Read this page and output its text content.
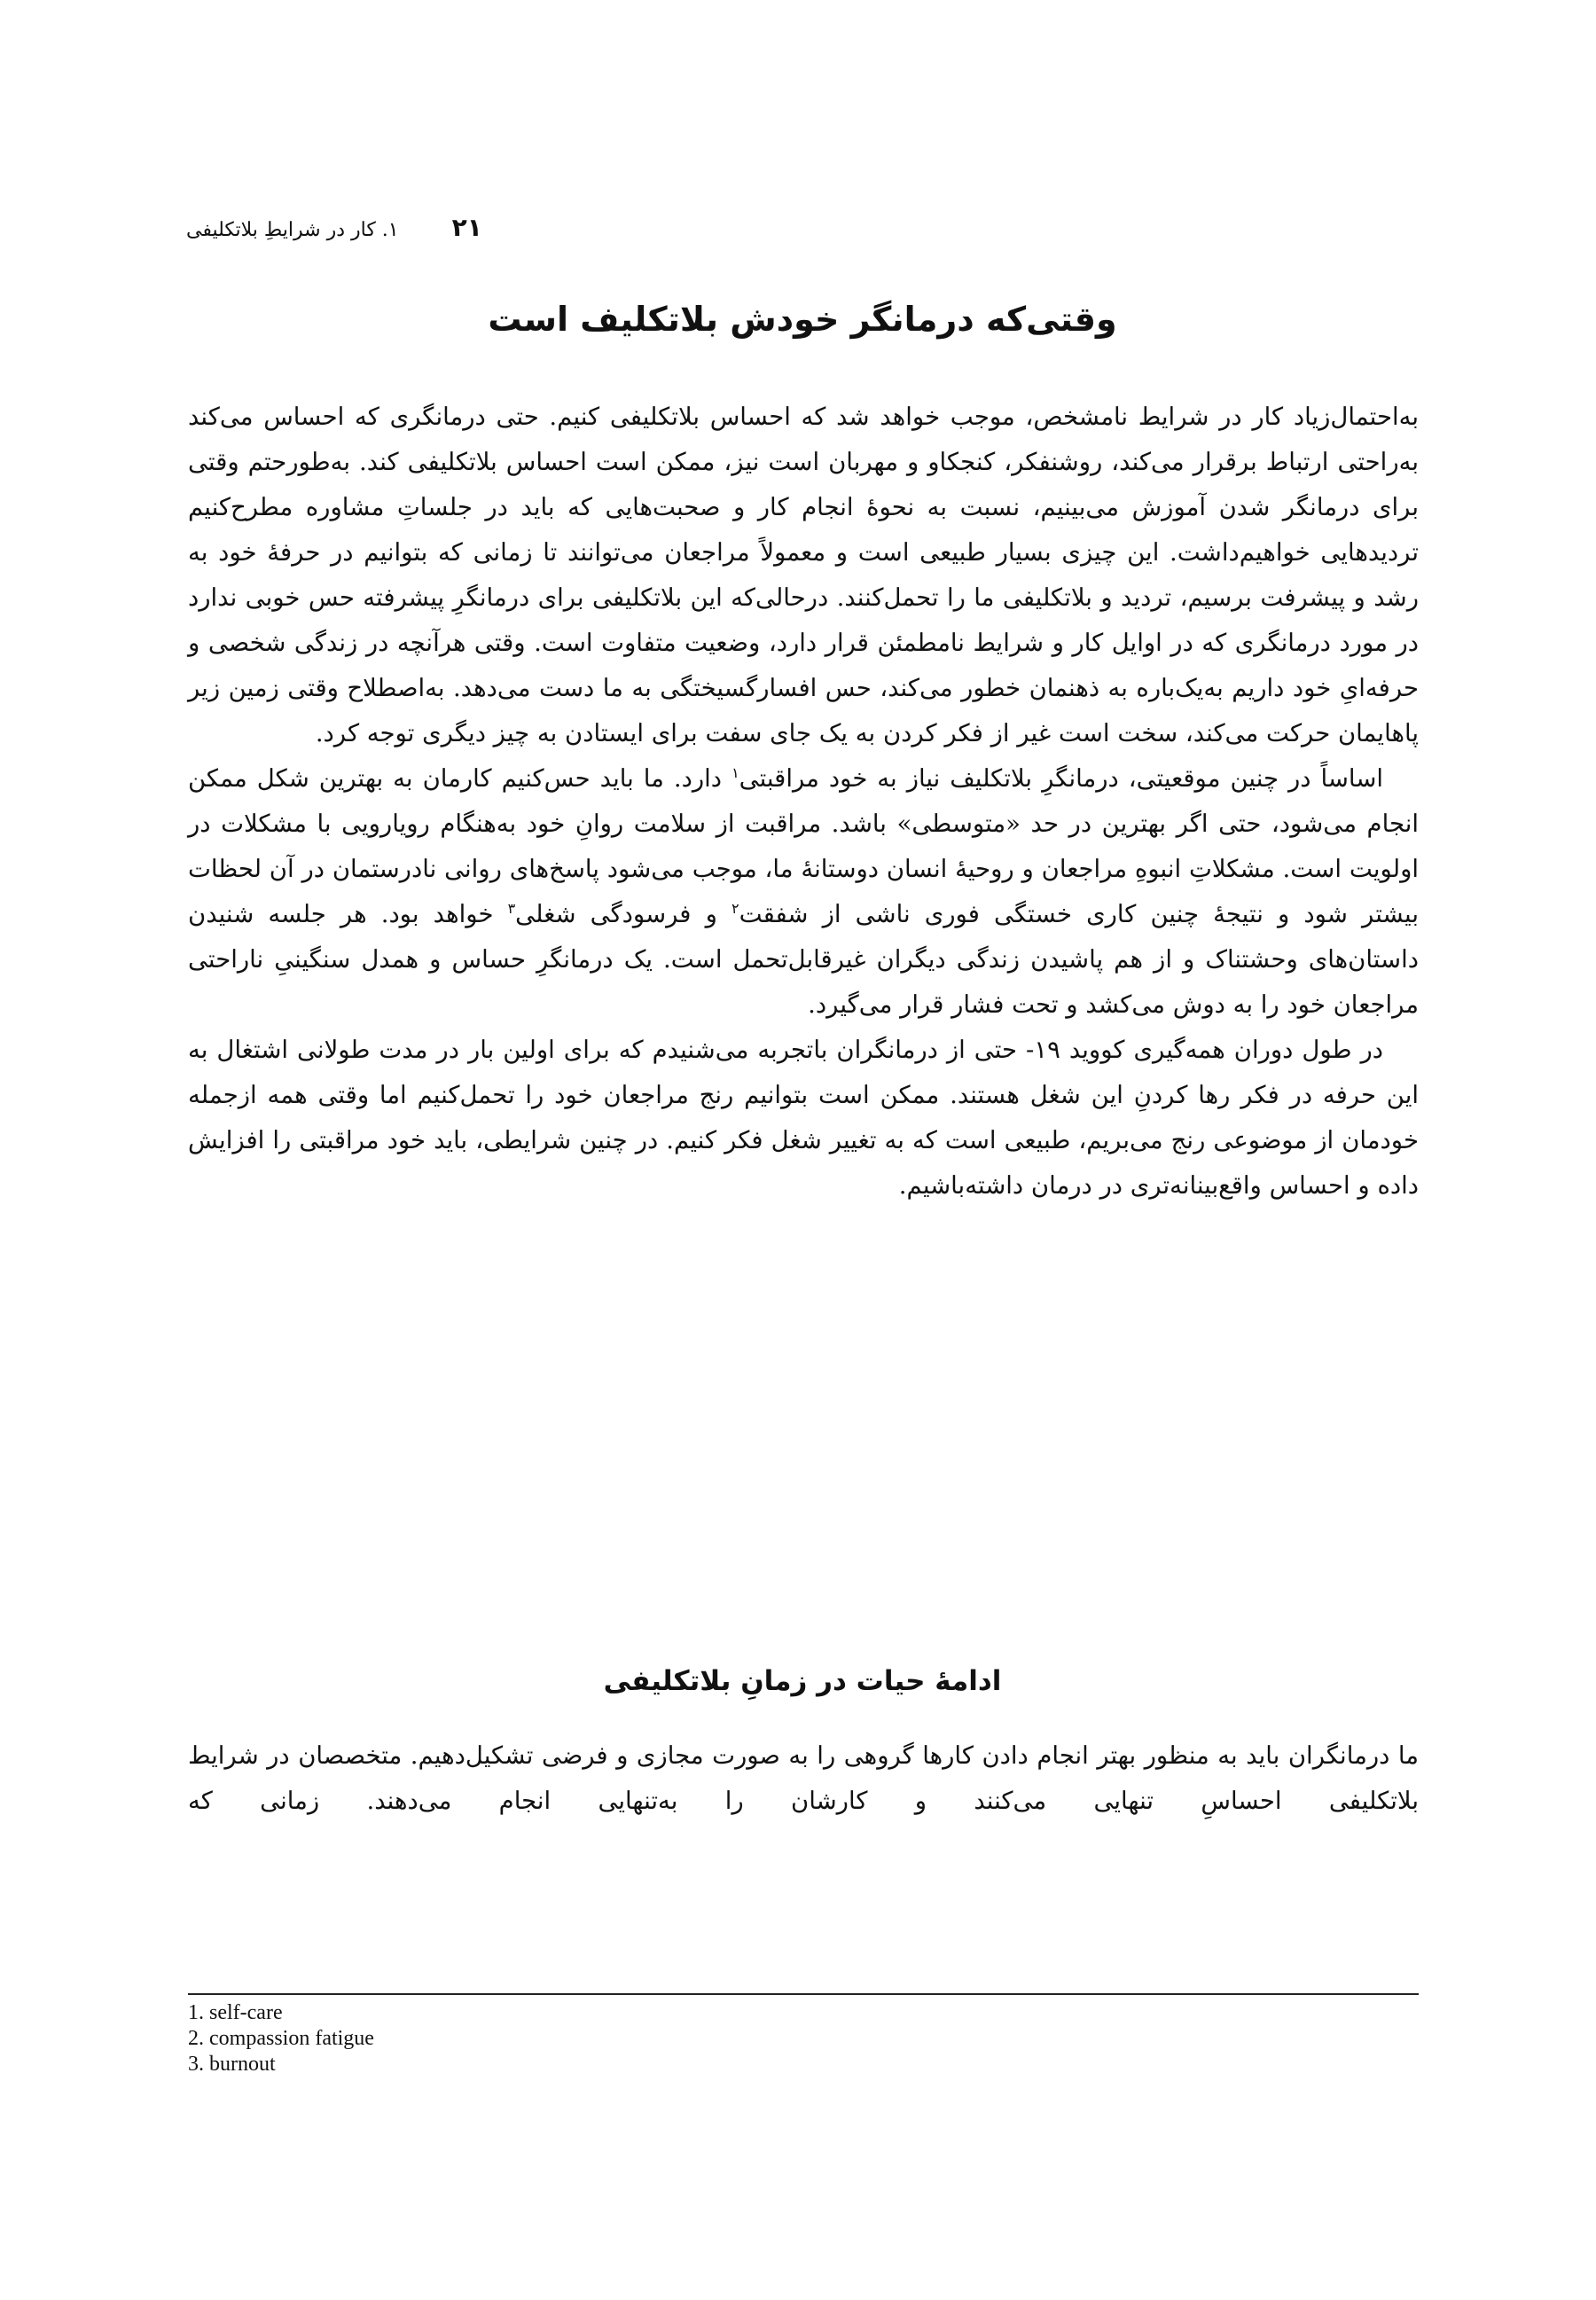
۲۱
۱. کار در شرایطِ بلاتکلیفی
وقتی‌که درمانگر خودش بلاتکلیف است

به‌احتمال‌زیاد کار در شرایط نامشخص، موجب خواهد شد که احساس بلاتکلیفی کنیم. حتی درمانگری که احساس می‌کند به‌راحتی ارتباط برقرار می‌کند، روشنفکر، کنجکاو و مهربان است نیز، ممکن است احساس بلاتکلیفی کند. به‌طورحتم وقتی برای درمانگر شدن آموزش می‌بینیم، نسبت به نحوهٔ انجام کار و صحبت‌هایی که باید در جلساتِ مشاوره مطرح‌کنیم تردیدهایی خواهیم‌داشت. این چیزی بسیار طبیعی است و معمولاً مراجعان می‌توانند تا زمانی که بتوانیم در حرفهٔ خود به رشد و پیشرفت برسیم، تردید و بلاتکلیفی ما را تحمل‌کنند. درحالی‌که این بلاتکلیفی برای درمانگرِ پیشرفته حس خوبی ندارد در مورد درمانگری که در اوایل کار و شرایط نامطمئن قرار دارد، وضعیت متفاوت است. وقتی هرآنچه در زندگی شخصی و حرفه‌ایِ خود داریم به‌یک‌باره به ذهنمان خطور می‌کند، حس افسارگسیختگی به ما دست می‌دهد. به‌اصطلاح وقتی زمین زیر پاهایمان حرکت می‌کند، سخت است غیر از فکر کردن به یک جای سفت برای ایستادن به چیز دیگری توجه کرد.

اساساً در چنین موقعیتی، درمانگرِ بلاتکلیف نیاز به خود مراقبتی$^۱$ دارد. ما باید حس‌کنیم کارمان به بهترین شکل ممکن انجام می‌شود، حتی اگر بهترین در حد «متوسطی» باشد. مراقبت از سلامت روانِ خود به‌هنگام رویارویی با مشکلات در اولویت است. مشکلاتِ انبوهِ مراجعان و روحیهٔ انسان دوستانهٔ ما، موجب می‌شود پاسخ‌های روانی نادرستمان در آن لحظات بیشتر شود و نتیجهٔ چنین کاری خستگی فوری ناشی از شفقت$^۲$ و فرسودگی شغلی$^۳$ خواهد بود. هر جلسه شنیدن داستان‌های وحشتناک و از هم پاشیدن زندگی دیگران غیرقابل‌تحمل است. یک درمانگرِ حساس و همدل سنگینیِ ناراحتی مراجعان خود را به دوش می‌کشد و تحت فشار قرار می‌گیرد.

در طول دوران همه‌گیری کووید ‎-۱۹‎ حتی از درمانگران باتجربه می‌شنیدم که برای اولین بار در مدت طولانی اشتغال به این حرفه در فکر رها کردنِ این شغل هستند. ممکن است بتوانیم رنج مراجعان خود را تحمل‌کنیم اما وقتی همه ازجمله خودمان از موضوعی رنج می‌بریم، طبیعی است که به تغییر شغل فکر کنیم. در چنین شرایطی، باید خود مراقبتی را افزایش داده و احساس واقع‌بینانه‌تری در درمان داشته‌باشیم.

ادامهٔ حیات در زمانِ بلاتکلیفی

ما درمانگران باید به منظور بهتر انجام دادن کارها گروهی را به صورت مجازی و فرضی تشکیل‌دهیم. متخصصان در شرایط بلاتکلیفی احساسِ تنهایی می‌کنند و کارشان را به‌تنهایی انجام می‌دهند. زمانی که

1. self-care
2. compassion fatigue
3. burnout
